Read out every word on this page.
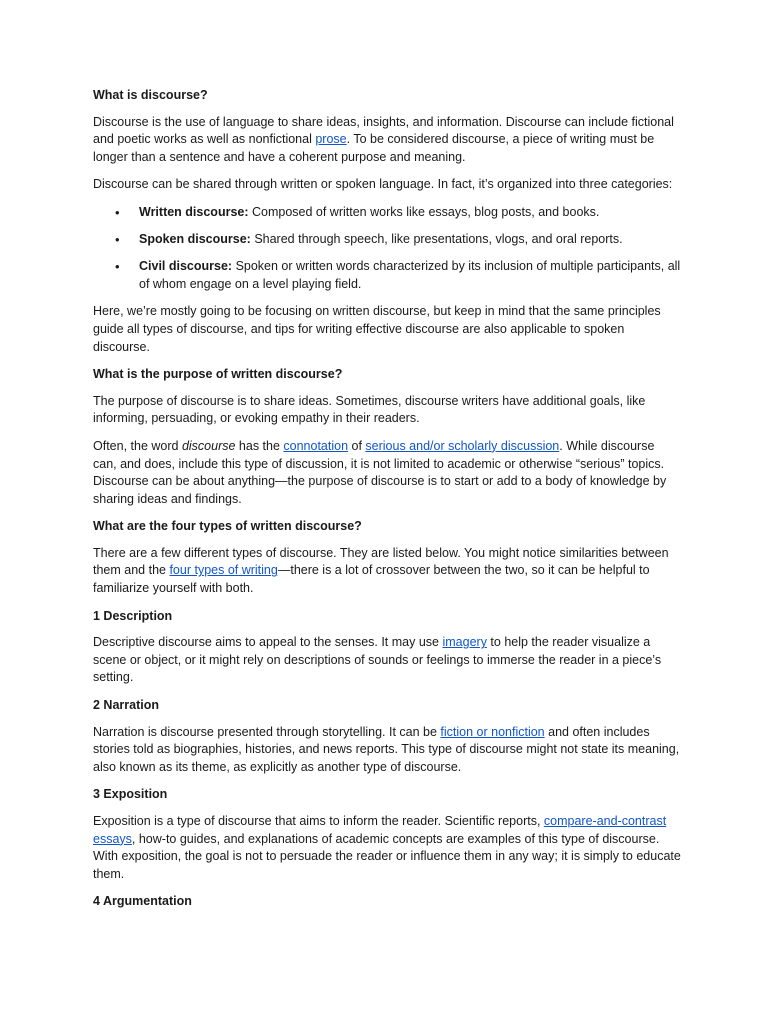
What is discourse?

Discourse is the use of language to share ideas, insights, and information. Discourse can include fictional and poetic works as well as nonfictional prose. To be considered discourse, a piece of writing must be longer than a sentence and have a coherent purpose and meaning.

Discourse can be shared through written or spoken language. In fact, it’s organized into three categories:

• Written discourse: Composed of written works like essays, blog posts, and books.
• Spoken discourse: Shared through speech, like presentations, vlogs, and oral reports.
• Civil discourse: Spoken or written words characterized by its inclusion of multiple participants, all of whom engage on a level playing field.

Here, we’re mostly going to be focusing on written discourse, but keep in mind that the same principles guide all types of discourse, and tips for writing effective discourse are also applicable to spoken discourse.

What is the purpose of written discourse?

The purpose of discourse is to share ideas. Sometimes, discourse writers have additional goals, like informing, persuading, or evoking empathy in their readers.

Often, the word discourse has the connotation of serious and/or scholarly discussion. While discourse can, and does, include this type of discussion, it is not limited to academic or otherwise “serious” topics. Discourse can be about anything—the purpose of discourse is to start or add to a body of knowledge by sharing ideas and findings.

What are the four types of written discourse?

There are a few different types of discourse. They are listed below. You might notice similarities between them and the four types of writing—there is a lot of crossover between the two, so it can be helpful to familiarize yourself with both.

1 Description

Descriptive discourse aims to appeal to the senses. It may use imagery to help the reader visualize a scene or object, or it might rely on descriptions of sounds or feelings to immerse the reader in a piece’s setting.

2 Narration

Narration is discourse presented through storytelling. It can be fiction or nonfiction and often includes stories told as biographies, histories, and news reports. This type of discourse might not state its meaning, also known as its theme, as explicitly as another type of discourse.

3 Exposition

Exposition is a type of discourse that aims to inform the reader. Scientific reports, compare-and-contrast essays, how-to guides, and explanations of academic concepts are examples of this type of discourse. With exposition, the goal is not to persuade the reader or influence them in any way; it is simply to educate them.

4 Argumentation
